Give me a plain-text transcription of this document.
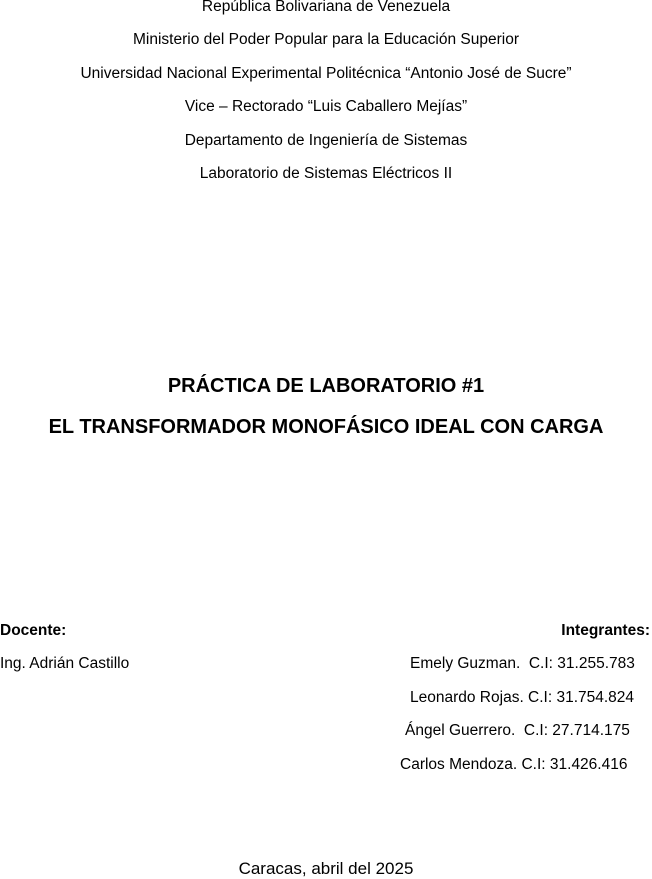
República Bolivariana de Venezuela
Ministerio del Poder Popular para la Educación Superior
Universidad Nacional Experimental Politécnica “Antonio José de Sucre”
Vice – Rectorado “Luis Caballero Mejías”
Departamento de Ingeniería de Sistemas
Laboratorio de Sistemas Eléctricos II
PRÁCTICA DE LABORATORIO #1
EL TRANSFORMADOR MONOFÁSICO IDEAL CON CARGA
Docente:
Ing. Adrián Castillo
Integrantes:
Emely Guzman.  C.I: 31.255.783
Leonardo Rojas. C.I: 31.754.824
Ángel Guerrero.  C.I: 27.714.175
Carlos Mendoza. C.I: 31.426.416
Caracas, abril del 2025
